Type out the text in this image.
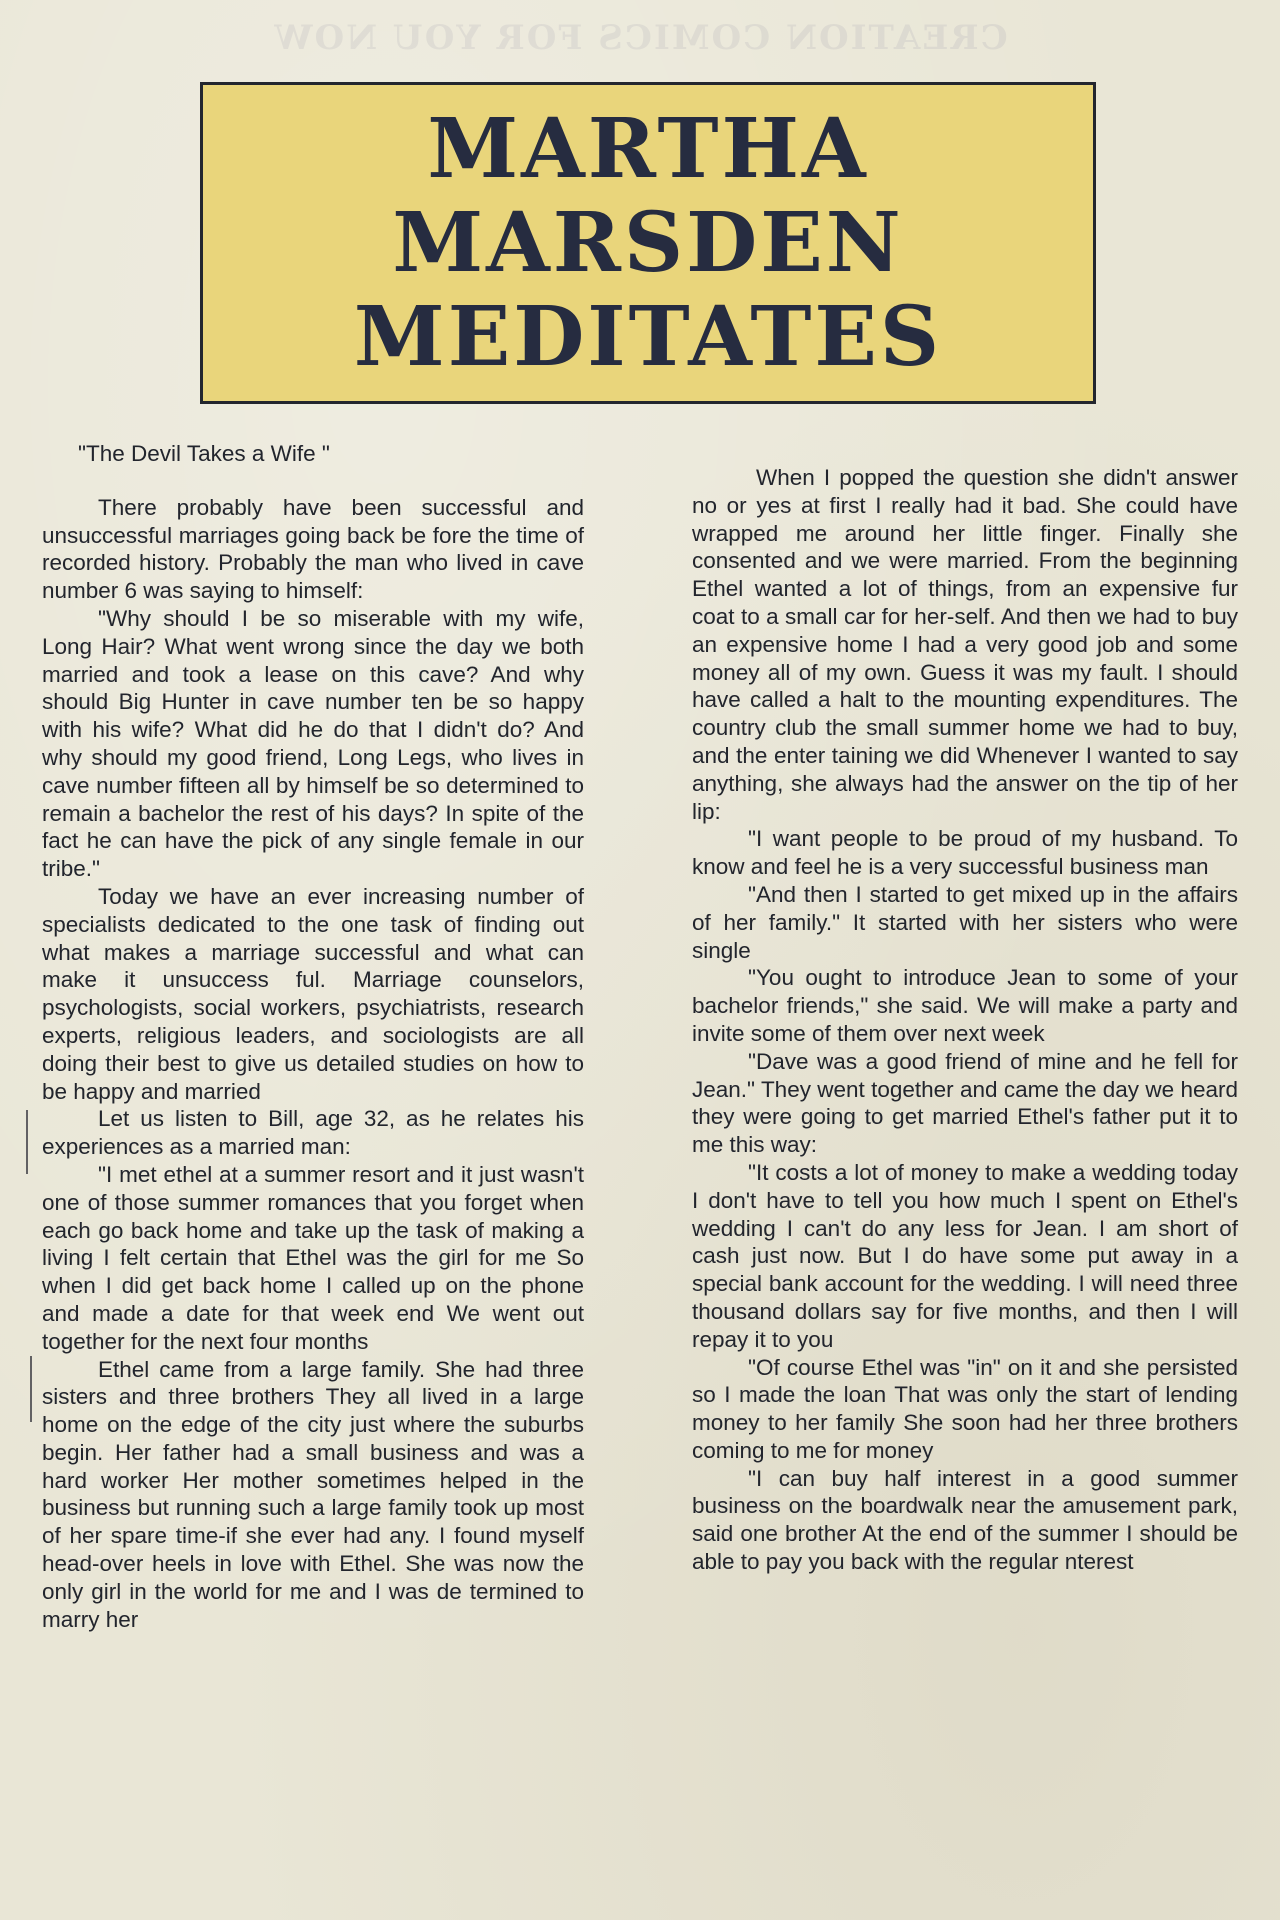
CREATION COMICS FOR YOU NOW
MARTHA
MARSDEN
MEDITATES

"The Devil Takes a Wife "

There probably have been successful and unsuccessful marriages going back be fore the time of recorded history. Probably the man who lived in cave number 6 was saying to himself:

"Why should I be so miserable with my wife, Long Hair? What went wrong since the day we both married and took a lease on this cave? And why should Big Hunter in cave number ten be so happy with his wife? What did he do that I didn't do? And why should my good friend, Long Legs, who lives in cave number fifteen all by himself be so determined to remain a bachelor the rest of his days? In spite of the fact he can have the pick of any single female in our tribe."

Today we have an ever increasing number of specialists dedicated to the one task of finding out what makes a marriage successful and what can make it unsuccess ful. Marriage counselors, psychologists, social workers, psychiatrists, research experts, religious leaders, and sociologists are all doing their best to give us detailed studies on how to be happy and married

Let us listen to Bill, age 32, as he relates his experiences as a married man:

"I met ethel at a summer resort and it just wasn't one of those summer romances that you forget when each go back home and take up the task of making a living I felt certain that Ethel was the girl for me So when I did get back home I called up on the phone and made a date for that week end We went out together for the next four months

Ethel came from a large family. She had three sisters and three brothers They all lived in a large home on the edge of the city just where the suburbs begin. Her father had a small business and was a hard worker Her mother sometimes helped in the business but running such a large family took up most of her spare time-if she ever had any. I found myself head-over heels in love with Ethel. She was now the only girl in the world for me and I was de termined to marry her

When I popped the question she didn't answer no or yes at first I really had it bad. She could have wrapped me around her little finger. Finally she consented and we were married. From the beginning Ethel wanted a lot of things, from an expensive fur coat to a small car for her-self. And then we had to buy an expensive home I had a very good job and some money all of my own. Guess it was my fault. I should have called a halt to the mounting expenditures. The country club the small summer home we had to buy, and the enter taining we did Whenever I wanted to say anything, she always had the answer on the tip of her lip:

"I want people to be proud of my husband. To know and feel he is a very successful business man

"And then I started to get mixed up in the affairs of her family." It started with her sisters who were single

"You ought to introduce Jean to some of your bachelor friends," she said. We will make a party and invite some of them over next week

"Dave was a good friend of mine and he fell for Jean." They went together and came the day we heard they were going to get married Ethel's father put it to me this way:

"It costs a lot of money to make a wedding today I don't have to tell you how much I spent on Ethel's wedding I can't do any less for Jean. I am short of cash just now. But I do have some put away in a special bank account for the wedding. I will need three thousand dollars say for five months, and then I will repay it to you

"Of course Ethel was "in" on it and she persisted so I made the loan That was only the start of lending money to her family She soon had her three brothers coming to me for money

"I can buy half interest in a good summer business on the boardwalk near the amusement park, said one brother At the end of the summer I should be able to pay you back with the regular nterest
